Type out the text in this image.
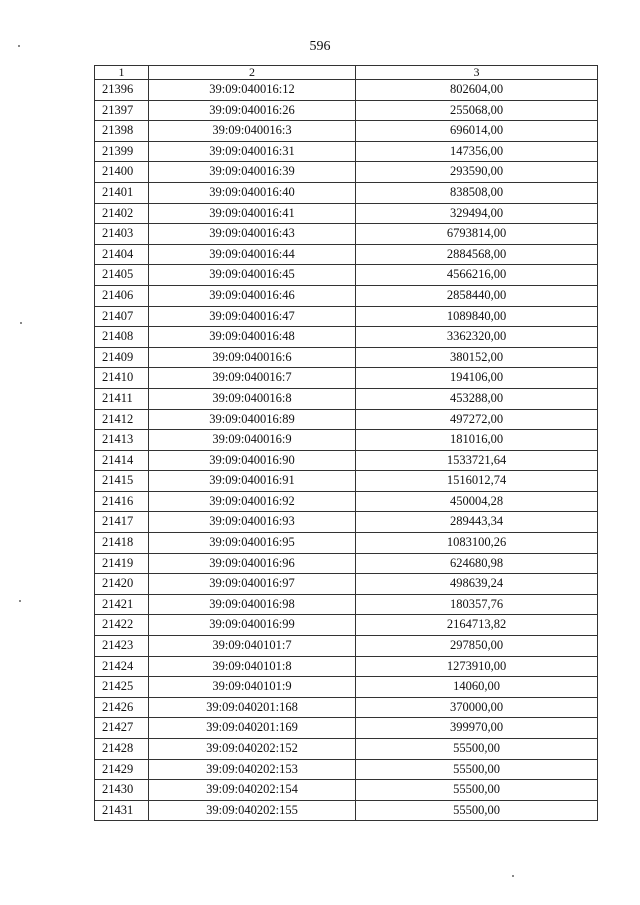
596
1	2	3
21396	39:09:040016:12	802604,00
21397	39:09:040016:26	255068,00
21398	39:09:040016:3	696014,00
21399	39:09:040016:31	147356,00
21400	39:09:040016:39	293590,00
21401	39:09:040016:40	838508,00
21402	39:09:040016:41	329494,00
21403	39:09:040016:43	6793814,00
21404	39:09:040016:44	2884568,00
21405	39:09:040016:45	4566216,00
21406	39:09:040016:46	2858440,00
21407	39:09:040016:47	1089840,00
21408	39:09:040016:48	3362320,00
21409	39:09:040016:6	380152,00
21410	39:09:040016:7	194106,00
21411	39:09:040016:8	453288,00
21412	39:09:040016:89	497272,00
21413	39:09:040016:9	181016,00
21414	39:09:040016:90	1533721,64
21415	39:09:040016:91	1516012,74
21416	39:09:040016:92	450004,28
21417	39:09:040016:93	289443,34
21418	39:09:040016:95	1083100,26
21419	39:09:040016:96	624680,98
21420	39:09:040016:97	498639,24
21421	39:09:040016:98	180357,76
21422	39:09:040016:99	2164713,82
21423	39:09:040101:7	297850,00
21424	39:09:040101:8	1273910,00
21425	39:09:040101:9	14060,00
21426	39:09:040201:168	370000,00
21427	39:09:040201:169	399970,00
21428	39:09:040202:152	55500,00
21429	39:09:040202:153	55500,00
21430	39:09:040202:154	55500,00
21431	39:09:040202:155	55500,00
